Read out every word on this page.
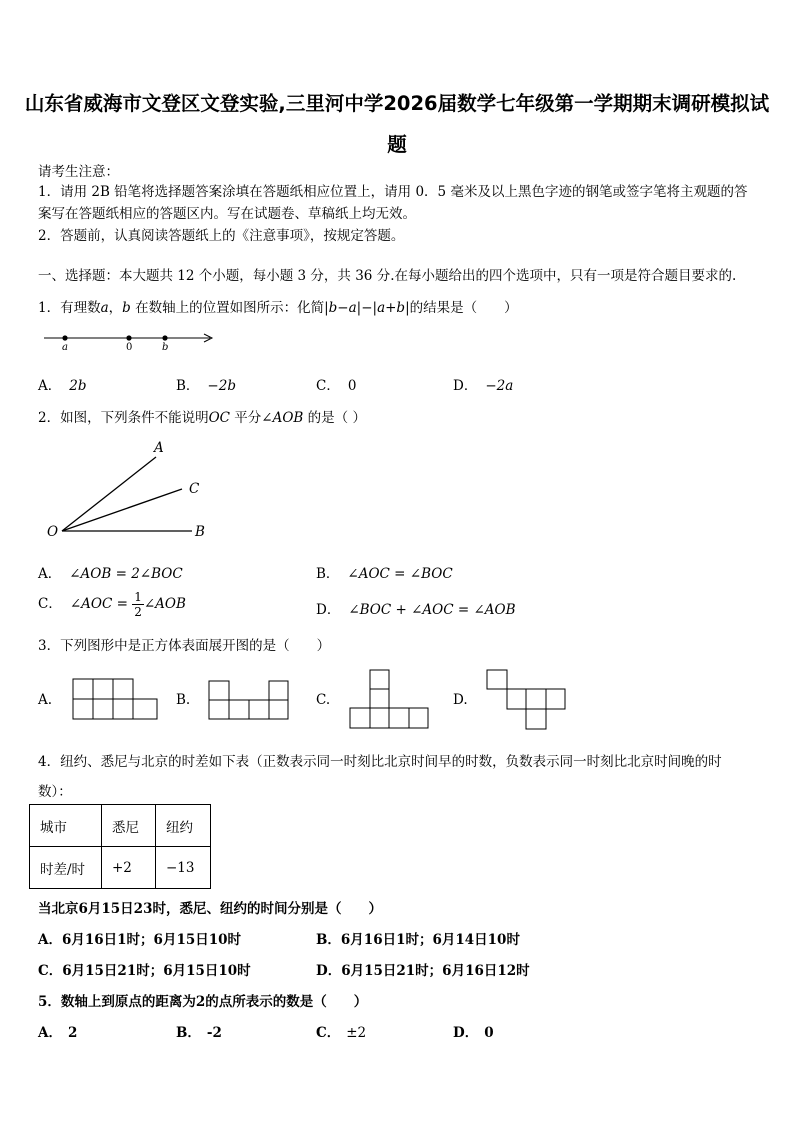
山东省威海市文登区文登实验,三里河中学2026届数学七年级第一学期期末调研模拟试
题
请考生注意：
1．请用 2B 铅笔将选择题答案涂填在答题纸相应位置上，请用 0．5 毫米及以上黑色字迹的钢笔或签字笔将主观题的答
案写在答题纸相应的答题区内。写在试题卷、草稿纸上均无效。
2．答题前，认真阅读答题纸上的《注意事项》，按规定答题。
一、选择题：本大题共 12 个小题，每小题 3 分，共 36 分.在每小题给出的四个选项中，只有一项是符合题目要求的.
1．有理数a，b 在数轴上的位置如图所示：化简|b−a|−|a+b|的结果是（　　）
a	0	b
A． 2b	B． −2b	C． 0	D． −2a
2．如图，下列条件不能说明OC 平分∠AOB 的是（ ）
A
C
O	B
A． ∠AOB = 2∠BOC	B． ∠AOC = ∠BOC
C． ∠AOC = $\frac{1}{2}$ ∠AOB	D． ∠BOC + ∠AOC = ∠AOB
3．下列图形中是正方体表面展开图的是（　　）
A.	B.	C.	D.
4．纽约、悉尼与北京的时差如下表（正数表示同一时刻比北京时间早的时数，负数表示同一时刻比北京时间晚的时
数）：
城市	悉尼	纽约
时差/时	+2	−13
当北京6月15日23时，悉尼、纽约的时间分别是（　　）
A．6月16日1时；6月15日10时	B．6月16日1时；6月14日10时
C．6月15日21时；6月15日10时	D．6月15日21时；6月16日12时
5．数轴上到原点的距离为2的点所表示的数是（　　）
A． 2	B． -2	C． ±2	D． 0
